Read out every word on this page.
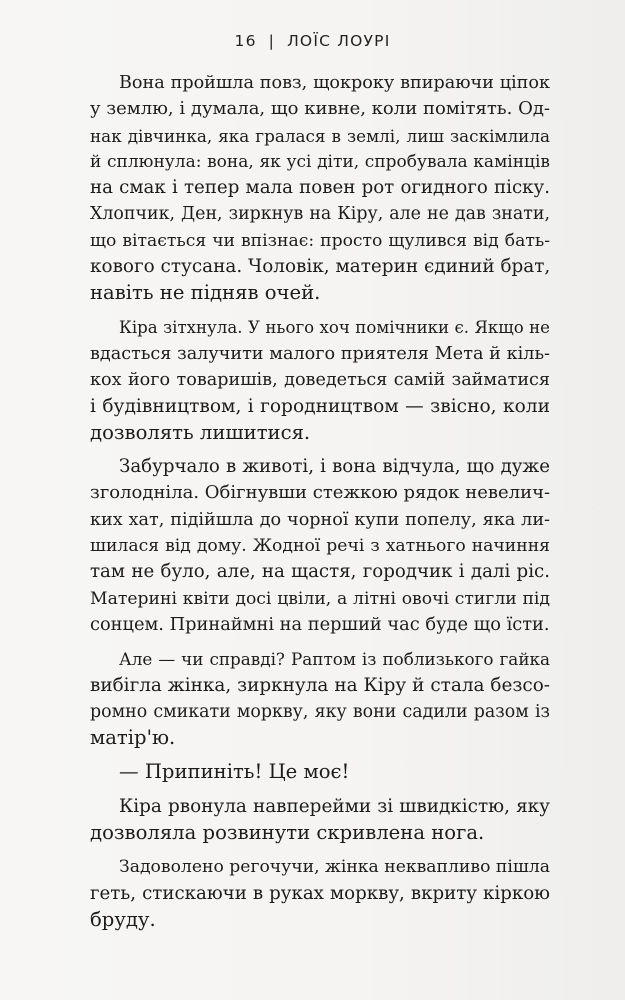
16 | ЛОЇС ЛОУРІ
Вона пройшла повз, щокроку впираючи ціпок
у землю, і думала, що кивне, коли помітять. Од-
нак дівчинка, яка гралася в землі, лиш заскімлила
й сплюнула: вона, як усі діти, спробувала камінців
на смак і тепер мала повен рот огидного піску.
Хлопчик, Ден, зиркнув на Кіру, але не дав знати,
що вітається чи впізнає: просто щулився від бать-
кового стусана. Чоловік, материн єдиний брат,
навіть не підняв очей.
Кіра зітхнула. У нього хоч помічники є. Якщо не
вдасться залучити малого приятеля Мета й кіль-
кох його товаришів, доведеться самій займатися
і будівництвом, і городництвом — звісно, коли
дозволять лишитися.
Забурчало в животі, і вона відчула, що дуже
зголодніла. Обігнувши стежкою рядок невелич-
ких хат, підійшла до чорної купи попелу, яка ли-
шилася від дому. Жодної речі з хатнього начиння
там не було, але, на щастя, городчик і далі ріс.
Материні квіти досі цвіли, а літні овочі стигли під
сонцем. Принаймні на перший час буде що їсти.
Але — чи справді? Раптом із поблизького гайка
вибігла жінка, зиркнула на Кіру й стала безсо-
ромно смикати моркву, яку вони садили разом із
матір'ю.
— Припиніть! Це моє!
Кіра рвонула навперейми зі швидкістю, яку
дозволяла розвинути скривлена нога.
Задоволено регочучи, жінка неквапливо пішла
геть, стискаючи в руках моркву, вкриту кіркою
бруду.
